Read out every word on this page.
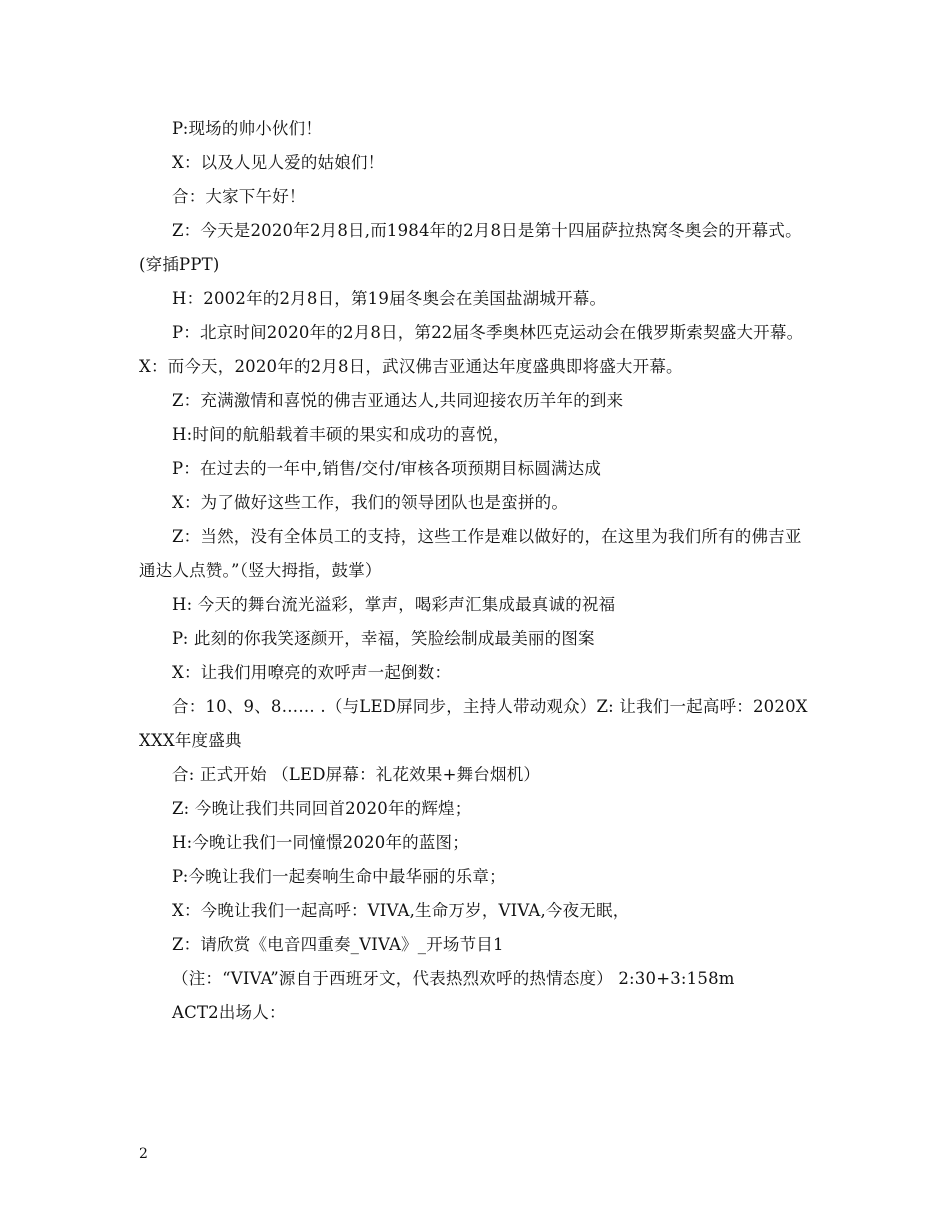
P:现场的帅小伙们！

X：以及人见人爱的姑娘们！

合：大家下午好！

Z：今天是2020年2月8日,而1984年的2月8日是第十四届萨拉热窝冬奥会的开幕式。(穿插PPT)

H：2002年的2月8日，第19届冬奥会在美国盐湖城开幕。

P：北京时间2020年的2月8日，第22届冬季奥林匹克运动会在俄罗斯索契盛大开幕。 X：而今天，2020年的2月8日，武汉佛吉亚通达年度盛典即将盛大开幕。

Z：充满激情和喜悦的佛吉亚通达人,共同迎接农历羊年的到来

H:时间的航船载着丰硕的果实和成功的喜悦，

P：在过去的一年中,销售/交付/审核各项预期目标圆满达成

X：为了做好这些工作，我们的领导团队也是蛮拼的。

Z：当然，没有全体员工的支持，这些工作是难以做好的，在这里为我们所有的佛吉亚通达人点赞。”（竖大拇指，鼓掌）

H: 今天的舞台流光溢彩，掌声，喝彩声汇集成最真诚的祝福

P: 此刻的你我笑逐颜开，幸福，笑脸绘制成最美丽的图案

X：让我们用嘹亮的欢呼声一起倒数：

合：10、9、8…… .（与LED屏同步，主持人带动观众）Z: 让我们一起高呼：2020XXXX年度盛典

合: 正式开始 （LED屏幕：礼花效果+舞台烟机）

Z: 今晚让我们共同回首2020年的辉煌；

H:今晚让我们一同憧憬2020年的蓝图；

P:今晚让我们一起奏响生命中最华丽的乐章；

X：今晚让我们一起高呼：VIVA,生命万岁，VIVA,今夜无眠，

Z：请欣赏《电音四重奏_VIVA》_开场节目1

（注：“VIVA”源自于西班牙文，代表热烈欢呼的热情态度） 2:30+3:158m

ACT2出场人：

2
